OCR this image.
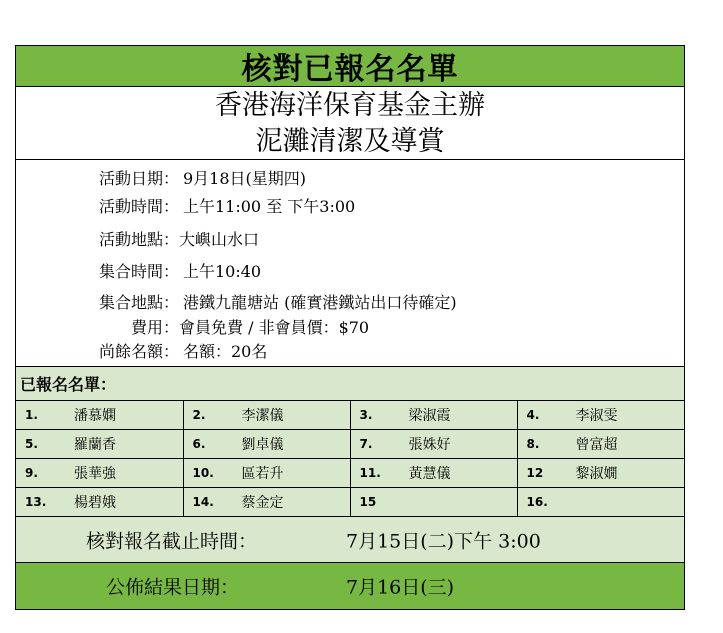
核對已報名名單
香港海洋保育基金主辦
泥灘清潔及導賞
活動日期： 9月18日(星期四)
活動時間： 上午11:00 至 下午3:00
活動地點： 大嶼山水口
集合時間： 上午10:40
集合地點： 港鐵九龍塘站 (確實港鐵站出口待確定)
費用： 會員免費 / 非會員價：$70
尚餘名額： 名額：20名
已報名名單：
1. 潘慕嫻	2. 李潔儀	3. 梁淑霞	4. 李淑雯

5. 羅蘭香	6. 劉卓儀	7. 張姝好	8. 曾富超

9. 張華強	10. 區若升	11. 黃慧儀	12 黎淑嫺

13. 楊碧娥	14. 蔡金定	15	16.
核對報名截止時間：	7月15日(二)下午 3:00
公佈結果日期：	7月16日(三)
